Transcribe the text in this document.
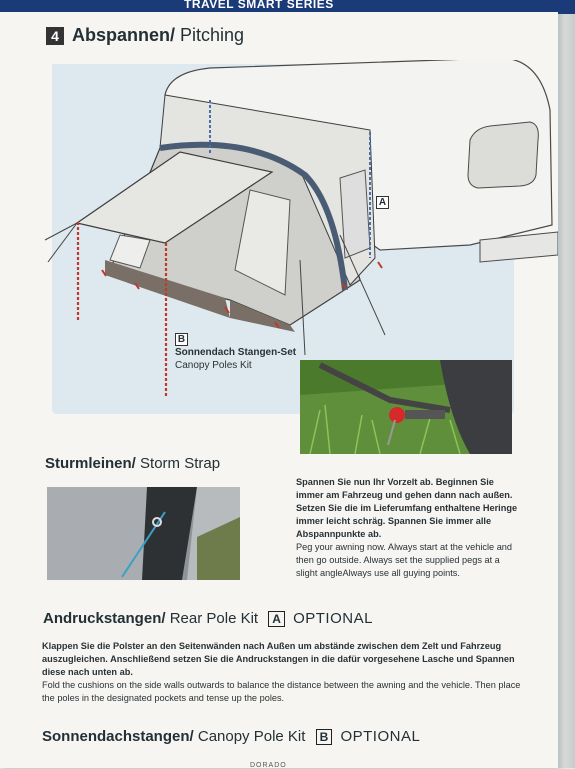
TRAVEL SMART SERIES
4 Abspannen/ Pitching
A
B
Sonnendach Stangen-Set
Canopy Poles Kit
Sturmleinen/ Storm Strap
Spannen Sie nun Ihr Vorzelt ab. Beginnen Sie immer am Fahrzeug und gehen dann nach außen. Setzen Sie die im Lieferumfang enthaltene Heringe immer leicht schräg. Spannen Sie immer alle Abspannpunkte ab.
Peg your awning now. Always start at the vehicle and then go outside. Always set the supplied pegs at a slight angleAlways use all guying points.
Andruckstangen/ Rear Pole Kit A OPTIONAL
Klappen Sie die Polster an den Seitenwänden nach Außen um abstände zwischen dem Zelt und Fahrzeug auszugleichen. Anschließend setzen Sie die Andruckstangen in die dafür vorgesehene Lasche und Spannen diese nach unten ab.
Fold the cushions on the side walls outwards to balance the distance between the awning and the vehicle. Then place the poles in the designated pockets and tense up the poles.
Sonnendachstangen/ Canopy Pole Kit B OPTIONAL
DORADO
